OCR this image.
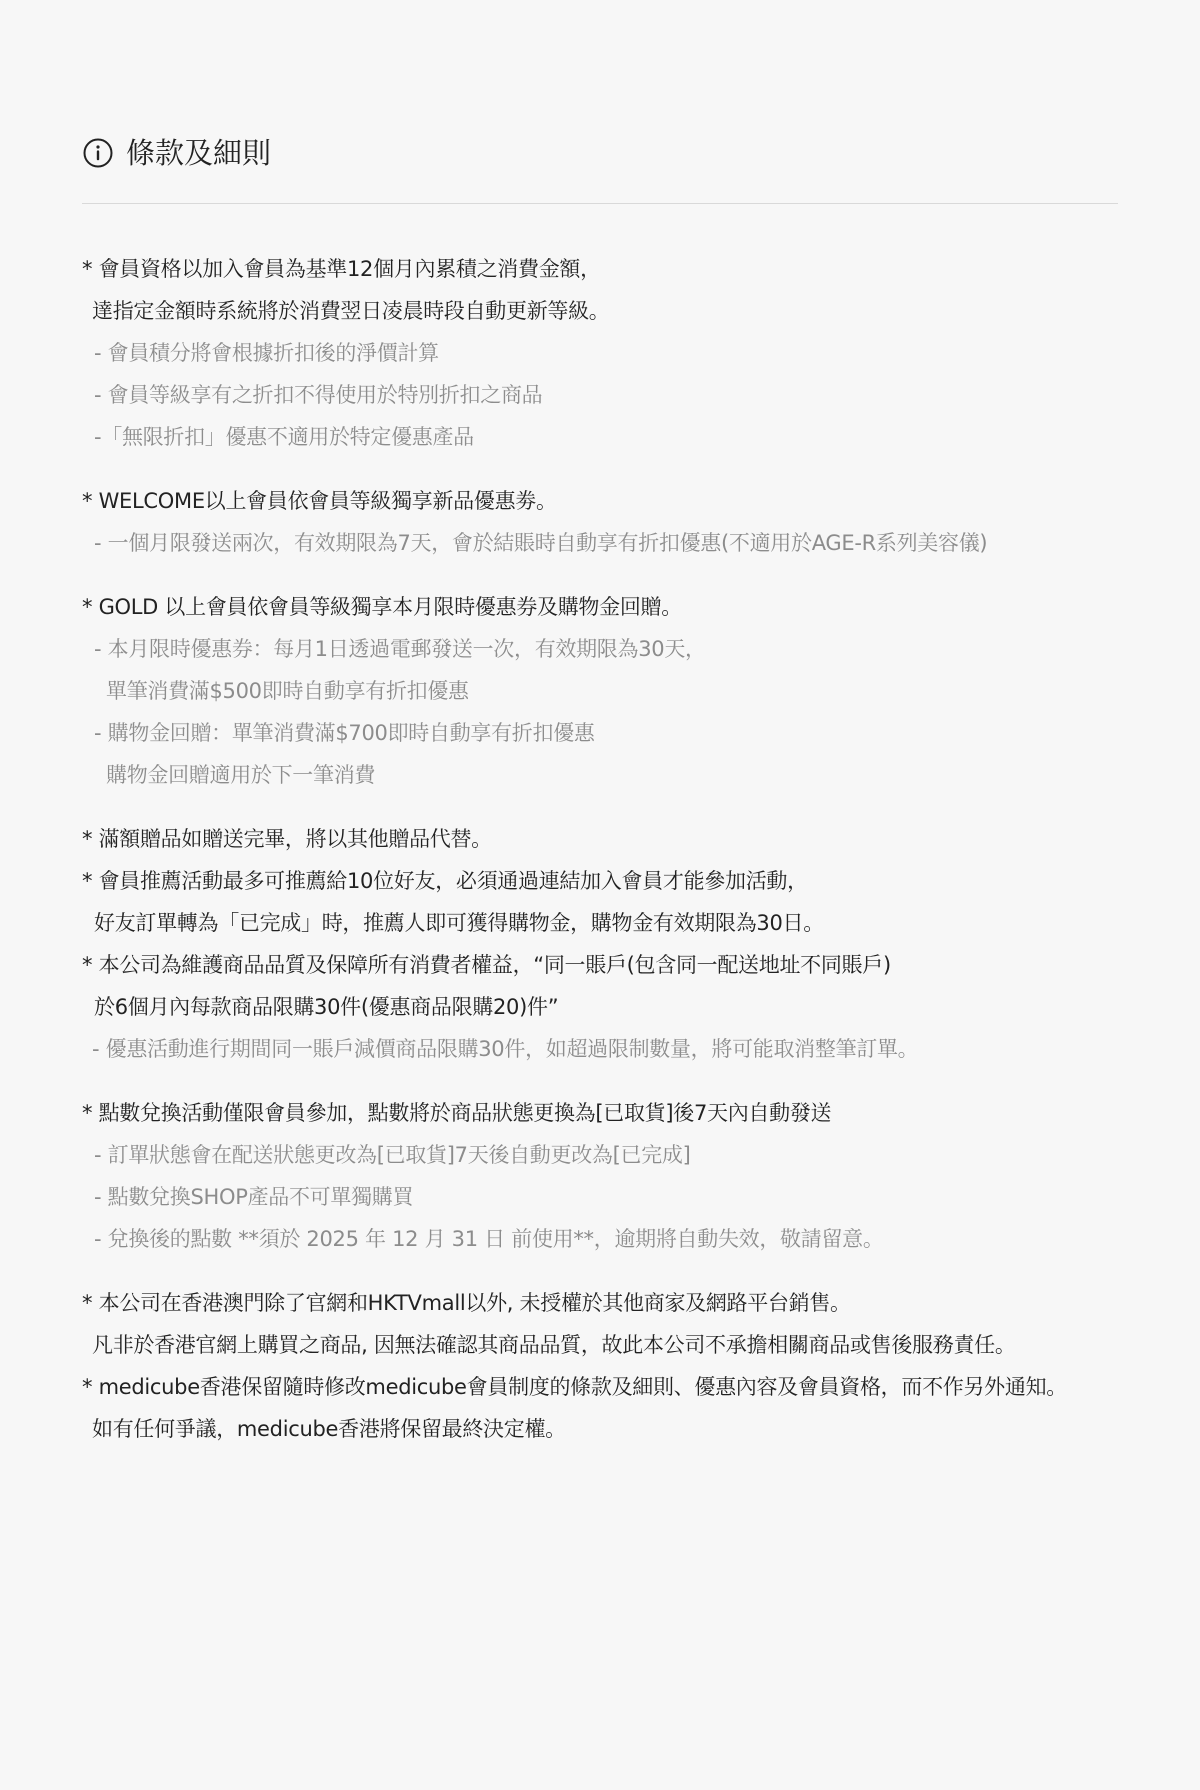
條款及細則
* 會員資格以加入會員為基準12個月內累積之消費金額，
達指定金額時系統將於消費翌日凌晨時段自動更新等級。
- 會員積分將會根據折扣後的淨價計算
- 會員等級享有之折扣不得使用於特別折扣之商品
-「無限折扣」優惠不適用於特定優惠產品
* WELCOME以上會員依會員等級獨享新品優惠劵。
- 一個月限發送兩次，有效期限為7天，會於結賬時自動享有折扣優惠(不適用於AGE-R系列美容儀)
* GOLD 以上會員依會員等級獨享本月限時優惠券及購物金回贈。
- 本月限時優惠券：每月1日透過電郵發送一次，有效期限為30天，
單筆消費滿$500即時自動享有折扣優惠
- 購物金回贈：單筆消費滿$700即時自動享有折扣優惠
購物金回贈適用於下一筆消費
* 滿額贈品如贈送完畢，將以其他贈品代替。
* 會員推薦活動最多可推薦給10位好友，必須通過連結加入會員才能參加活動，
好友訂單轉為「已完成」時，推薦人即可獲得購物金，購物金有效期限為30日。
* 本公司為維護商品品質及保障所有消費者權益，“同一賬戶(包含同一配送地址不同賬戶)
於6個月內每款商品限購30件(優惠商品限購20)件”
- 優惠活動進行期間同一賬戶減價商品限購30件，如超過限制數量，將可能取消整筆訂單。
* 點數兌換活動僅限會員參加，點數將於商品狀態更換為[已取貨]後7天內自動發送
- 訂單狀態會在配送狀態更改為[已取貨]7天後自動更改為[已完成]
- 點數兌換SHOP產品不可單獨購買
- 兌換後的點數 **須於 2025 年 12 月 31 日 前使用**，逾期將自動失效，敬請留意。
* 本公司在香港澳門除了官網和HKTVmall以外, 未授權於其他商家及網路平台銷售。
凡非於香港官網上購買之商品, 因無法確認其商品品質，故此本公司不承擔相關商品或售後服務責任。
* medicube香港保留隨時修改medicube會員制度的條款及細則、優惠內容及會員資格，而不作另外通知。
如有任何爭議，medicube香港將保留最終決定權。
